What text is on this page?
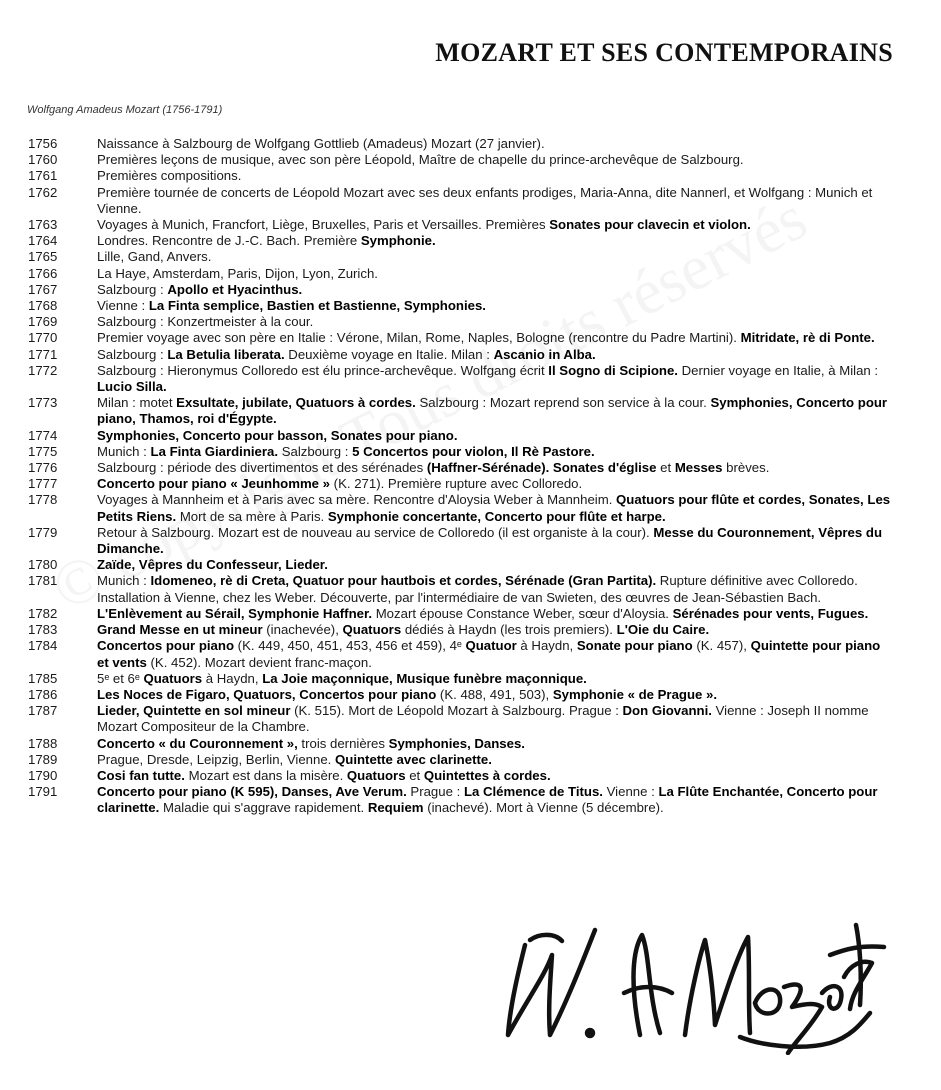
MOZART ET SES CONTEMPORAINS
Wolfgang Amadeus Mozart (1756-1791)
1756	Naissance à Salzbourg de Wolfgang Gottlieb (Amadeus) Mozart (27 janvier).
1760	Premières leçons de musique, avec son père Léopold, Maître de chapelle du prince-archevêque de Salzbourg.
1761	Premières compositions.
1762	Première tournée de concerts de Léopold Mozart avec ses deux enfants prodiges, Maria-Anna, dite Nannerl, et Wolfgang : Munich et Vienne.
1763	Voyages à Munich, Francfort, Liège, Bruxelles, Paris et Versailles. Premières Sonates pour clavecin et violon.
1764	Londres. Rencontre de J.-C. Bach. Première Symphonie.
1765	Lille, Gand, Anvers.
1766	La Haye, Amsterdam, Paris, Dijon, Lyon, Zurich.
1767	Salzbourg : Apollo et Hyacinthus.
1768	Vienne : La Finta semplice, Bastien et Bastienne, Symphonies.
1769	Salzbourg : Konzertmeister à la cour.
1770	Premier voyage avec son père en Italie : Vérone, Milan, Rome, Naples, Bologne (rencontre du Padre Martini). Mitridate, rè di Ponte.
1771	Salzbourg : La Betulia liberata. Deuxième voyage en Italie. Milan : Ascanio in Alba.
1772	Salzbourg : Hieronymus Colloredo est élu prince-archevêque. Wolfgang écrit Il Sogno di Scipione. Dernier voyage en Italie, à Milan : Lucio Silla.
1773	Milan : motet Exsultate, jubilate, Quatuors à cordes. Salzbourg : Mozart reprend son service à la cour. Symphonies, Concerto pour piano, Thamos, roi d'Égypte.
1774	Symphonies, Concerto pour basson, Sonates pour piano.
1775	Munich : La Finta Giardiniera. Salzbourg : 5 Concertos pour violon, Il Rè Pastore.
1776	Salzbourg : période des divertimentos et des sérénades (Haffner-Sérénade). Sonates d'église et Messes brèves.
1777	Concerto pour piano « Jeunhomme » (K. 271). Première rupture avec Colloredo.
1778	Voyages à Mannheim et à Paris avec sa mère. Rencontre d'Aloysia Weber à Mannheim. Quatuors pour flûte et cordes, Sonates, Les Petits Riens. Mort de sa mère à Paris. Symphonie concertante, Concerto pour flûte et harpe.
1779	Retour à Salzbourg. Mozart est de nouveau au service de Colloredo (il est organiste à la cour). Messe du Couronnement, Vêpres du Dimanche.
1780	Zaïde, Vêpres du Confesseur, Lieder.
1781	Munich : Idomeneo, rè di Creta, Quatuor pour hautbois et cordes, Sérénade (Gran Partita). Rupture définitive avec Colloredo. Installation à Vienne, chez les Weber. Découverte, par l'intermédiaire de van Swieten, des œuvres de Jean-Sébastien Bach.
1782	L'Enlèvement au Sérail, Symphonie Haffner. Mozart épouse Constance Weber, sœur d'Aloysia. Sérénades pour vents, Fugues.
1783	Grand Messe en ut mineur (inachevée), Quatuors dédiés à Haydn (les trois premiers). L'Oie du Caire.
1784	Concertos pour piano (K. 449, 450, 451, 453, 456 et 459), 4ᵉ Quatuor à Haydn, Sonate pour piano (K. 457), Quintette pour piano et vents (K. 452). Mozart devient franc-maçon.
1785	5ᵉ et 6ᵉ Quatuors à Haydn, La Joie maçonnique, Musique funèbre maçonnique.
1786	Les Noces de Figaro, Quatuors, Concertos pour piano (K. 488, 491, 503), Symphonie « de Prague ».
1787	Lieder, Quintette en sol mineur (K. 515). Mort de Léopold Mozart à Salzbourg. Prague : Don Giovanni. Vienne : Joseph II nomme Mozart Compositeur de la Chambre.
1788	Concerto « du Couronnement », trois dernières Symphonies, Danses.
1789	Prague, Dresde, Leipzig, Berlin, Vienne. Quintette avec clarinette.
1790	Cosi fan tutte. Mozart est dans la misère. Quatuors et Quintettes à cordes.
1791	Concerto pour piano (K 595), Danses, Ave Verum. Prague : La Clémence de Titus. Vienne : La Flûte Enchantée, Concerto pour clarinette. Maladie qui s'aggrave rapidement. Requiem (inachevé). Mort à Vienne (5 décembre).
